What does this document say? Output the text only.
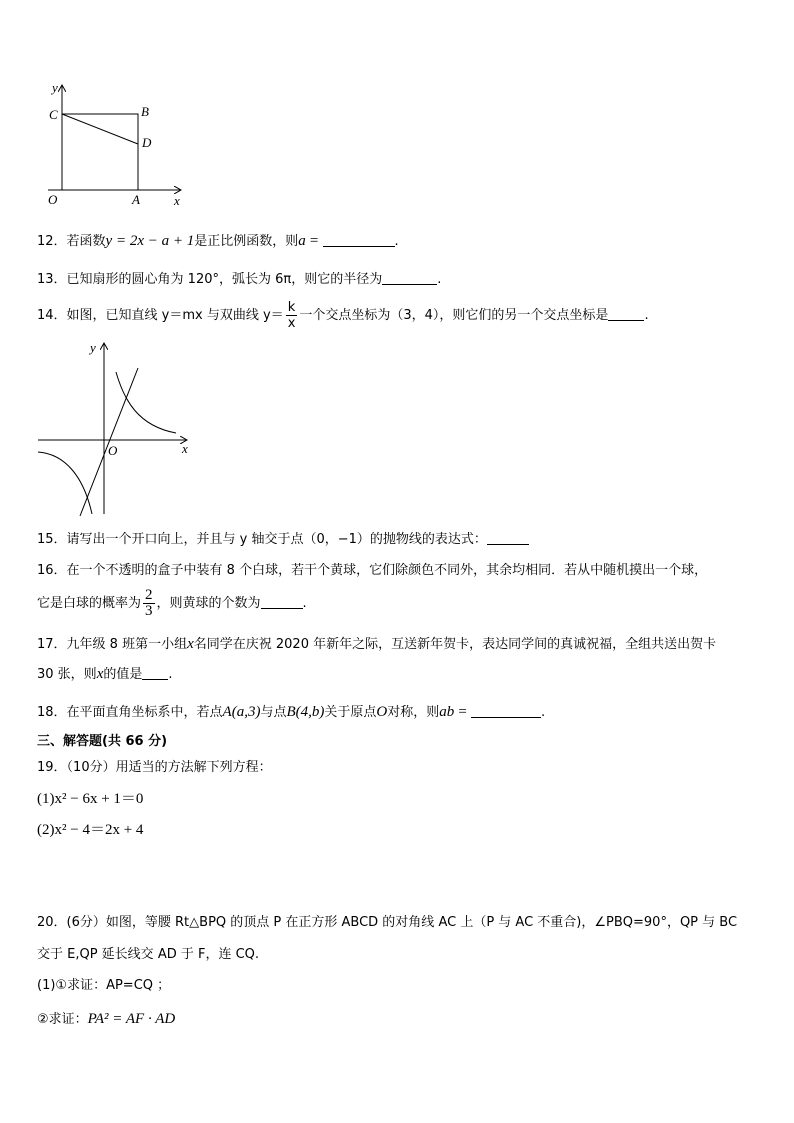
y
x
O	A
B
C
D
12．若函数y = 2x − a + 1是正比例函数，则a =	.
13．已知扇形的圆心角为 120°，弧长为 6π，则它的半径为	.
14．如图，已知直线 y＝mx 与双曲线 $y= \frac{k}{x}$ 一个交点坐标为（3，4），则它们的另一个交点坐标是	.
y
x
O
15．请写出一个开口向上，并且与 y 轴交于点（0，−1）的抛物线的表达式：
16．在一个不透明的盒子中装有 8 个白球，若干个黄球，它们除颜色不同外，其余均相同．若从中随机摸出一个球，
它是白球的概率为 $\frac{2}{3}$ ，则黄球的个数为	.
17．九年级 8 班第一小组x名同学在庆祝 2020 年新年之际，互送新年贺卡，表达同学间的真诚祝福，全组共送出贺卡
30 张，则x的值是 .
18．在平面直角坐标系中，若点A(a,3)与点B(4,b)关于原点O对称，则ab =	.
三、解答题(共 66 分)
19．（10分）用适当的方法解下列方程：
(1)x² − 6x + 1＝0
(2)x² − 4＝2x + 4
20．(6分）如图，等腰 Rt△BPQ 的顶点 P 在正方形 ABCD 的对角线 AC 上（P 与 AC 不重合)，∠PBQ=90°，QP 与 BC
交于 E,QP 延长线交 AD 于 F，连 CQ.
(1)①求证：AP=CQ ；
②求证：PA² = AF · AD
